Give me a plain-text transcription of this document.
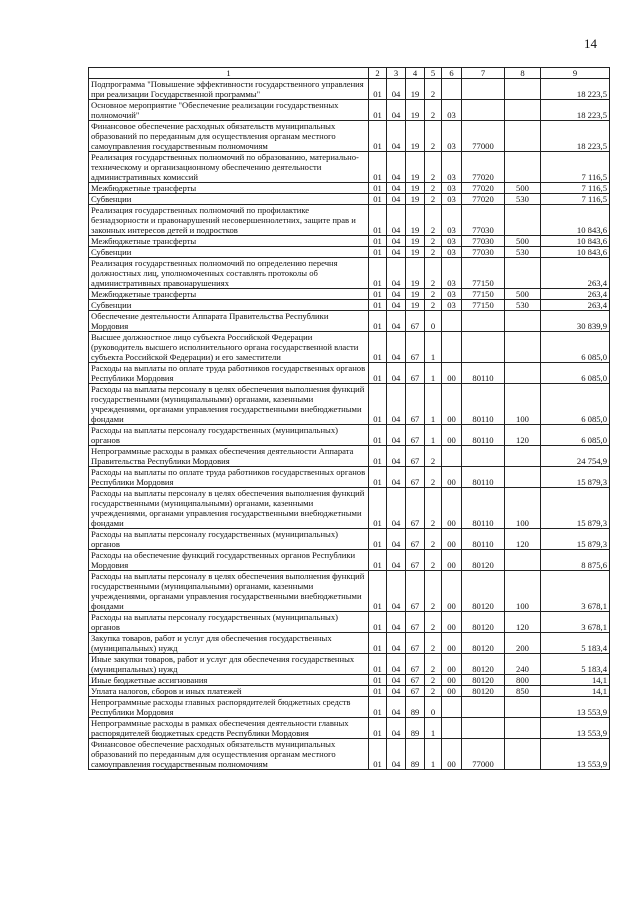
14
1	2	3	4	5	6	7	8	9
Подпрограмма "Повышение эффективности государственного управления при реализации Государственной программы"	01	04	19	2				18 223,5
Основное мероприятие "Обеспечение реализации государственных полномочий"	01	04	19	2	03			18 223,5
Финансовое обеспечение расходных обязательств муниципальных образований по переданным для осуществления органам местного самоуправления государственным полномочиям	01	04	19	2	03	77000		18 223,5
Реализация государственных полномочий по образованию, материально-техническому и организационному обеспечению деятельности административных комиссий	01	04	19	2	03	77020		7 116,5
Межбюджетные трансферты	01	04	19	2	03	77020	500	7 116,5
Субвенции	01	04	19	2	03	77020	530	7 116,5
Реализация государственных полномочий по профилактике безнадзорности и правонарушений несовершеннолетних, защите прав и законных интересов детей и подростков	01	04	19	2	03	77030		10 843,6
Межбюджетные трансферты	01	04	19	2	03	77030	500	10 843,6
Субвенции	01	04	19	2	03	77030	530	10 843,6
Реализация государственных полномочий по определению перечня должностных лиц, уполномоченных составлять протоколы об административных правонарушениях	01	04	19	2	03	77150		263,4
Межбюджетные трансферты	01	04	19	2	03	77150	500	263,4
Субвенции	01	04	19	2	03	77150	530	263,4
Обеспечение деятельности Аппарата Правительства Республики Мордовия	01	04	67	0				30 839,9
Высшее должностное лицо субъекта Российской Федерации (руководитель высшего исполнительного органа государственной власти субъекта Российской Федерации) и его заместители	01	04	67	1				6 085,0
Расходы на выплаты по оплате труда работников государственных органов Республики Мордовия	01	04	67	1	00	80110		6 085,0
Расходы на выплаты персоналу в целях обеспечения выполнения функций государственными (муниципальными) органами, казенными учреждениями, органами управления государственными внебюджетными фондами	01	04	67	1	00	80110	100	6 085,0
Расходы на выплаты персоналу государственных (муниципальных) органов	01	04	67	1	00	80110	120	6 085,0
Непрограммные расходы в рамках обеспечения деятельности Аппарата Правительства Республики Мордовия	01	04	67	2				24 754,9
Расходы на выплаты по оплате труда работников государственных органов Республики Мордовия	01	04	67	2	00	80110		15 879,3
Расходы на выплаты персоналу в целях обеспечения выполнения функций государственными (муниципальными) органами, казенными учреждениями, органами управления государственными внебюджетными фондами	01	04	67	2	00	80110	100	15 879,3
Расходы на выплаты персоналу государственных (муниципальных) органов	01	04	67	2	00	80110	120	15 879,3
Расходы на обеспечение функций государственных органов Республики Мордовия	01	04	67	2	00	80120		8 875,6
Расходы на выплаты персоналу в целях обеспечения выполнения функций государственными (муниципальными) органами, казенными учреждениями, органами управления государственными внебюджетными фондами	01	04	67	2	00	80120	100	3 678,1
Расходы на выплаты персоналу государственных (муниципальных) органов	01	04	67	2	00	80120	120	3 678,1
Закупка товаров, работ и услуг для обеспечения государственных (муниципальных) нужд	01	04	67	2	00	80120	200	5 183,4
Иные закупки товаров, работ и услуг для обеспечения государственных (муниципальных) нужд	01	04	67	2	00	80120	240	5 183,4
Иные бюджетные ассигнования	01	04	67	2	00	80120	800	14,1
Уплата налогов, сборов и иных платежей	01	04	67	2	00	80120	850	14,1
Непрограммные расходы главных распорядителей бюджетных средств Республики Мордовия	01	04	89	0				13 553,9
Непрограммные расходы в рамках обеспечения деятельности главных распорядителей бюджетных средств Республики Мордовия	01	04	89	1				13 553,9
Финансовое обеспечение расходных обязательств муниципальных образований по переданным для осуществления органам местного самоуправления государственным полномочиям	01	04	89	1	00	77000		13 553,9
